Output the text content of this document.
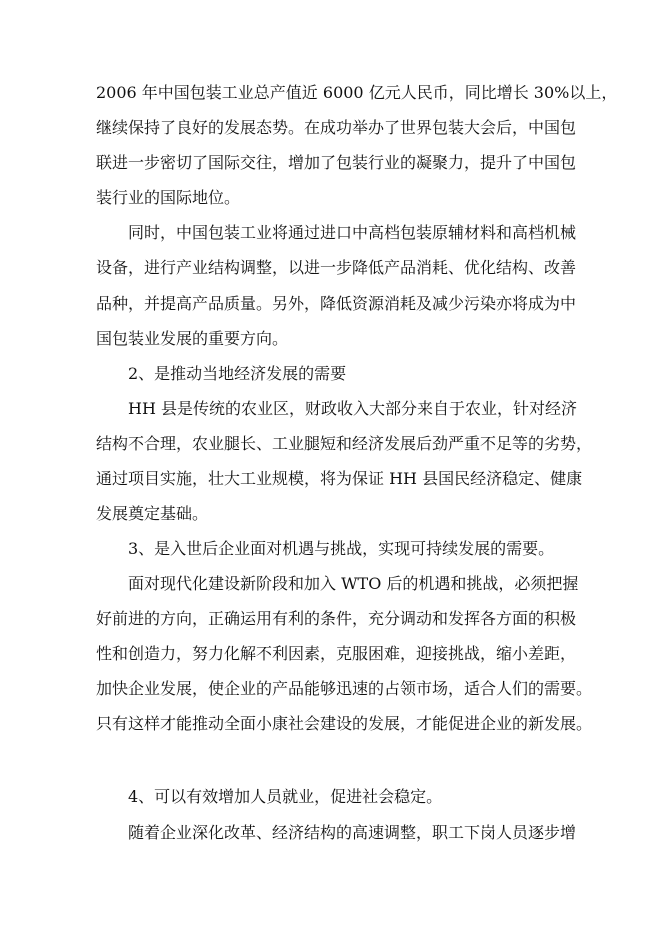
2006 年中国包装工业总产值近 6000 亿元人民币，同比增长 30%以上，
继续保持了良好的发展态势。在成功举办了世界包装大会后，中国包
联进一步密切了国际交往，增加了包装行业的凝聚力，提升了中国包
装行业的国际地位。
同时，中国包装工业将通过进口中高档包装原辅材料和高档机械
设备，进行产业结构调整，以进一步降低产品消耗、优化结构、改善
品种，并提高产品质量。另外，降低资源消耗及减少污染亦将成为中
国包装业发展的重要方向。
2、是推动当地经济发展的需要
HH 县是传统的农业区，财政收入大部分来自于农业，针对经济
结构不合理，农业腿长、工业腿短和经济发展后劲严重不足等的劣势，
通过项目实施，壮大工业规模，将为保证 HH 县国民经济稳定、健康
发展奠定基础。
3、是入世后企业面对机遇与挑战，实现可持续发展的需要。
面对现代化建设新阶段和加入 WTO 后的机遇和挑战，必须把握
好前进的方向，正确运用有利的条件，充分调动和发挥各方面的积极
性和创造力，努力化解不利因素，克服困难，迎接挑战，缩小差距，
加快企业发展，使企业的产品能够迅速的占领市场，适合人们的需要。
只有这样才能推动全面小康社会建设的发展，才能促进企业的新发展。
4、可以有效增加人员就业，促进社会稳定。
随着企业深化改革、经济结构的高速调整，职工下岗人员逐步增
